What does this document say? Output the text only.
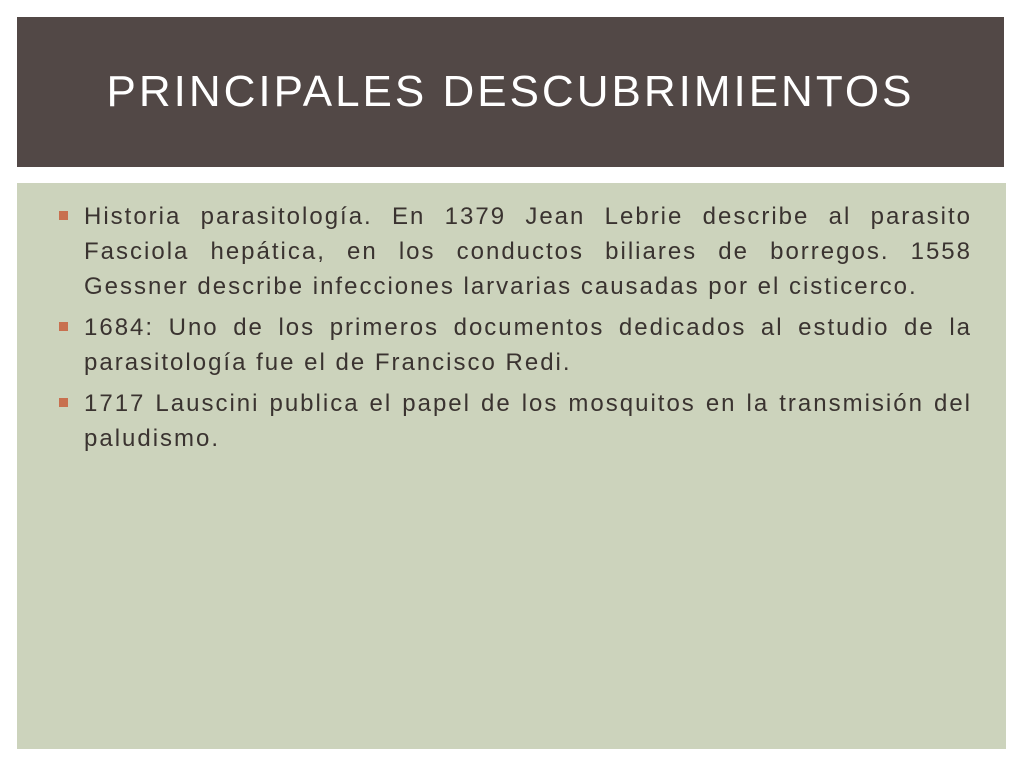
PRINCIPALES DESCUBRIMIENTOS
Historia parasitología. En 1379 Jean Lebrie describe al parasito Fasciola hepática, en los conductos biliares de borregos. 1558 Gessner describe infecciones larvarias causadas por el cisticerco.
1684: Uno de los primeros documentos dedicados al estudio de la parasitología fue el de Francisco Redi.
1717 Lauscini publica el papel de los mosquitos en la transmisión del paludismo.
